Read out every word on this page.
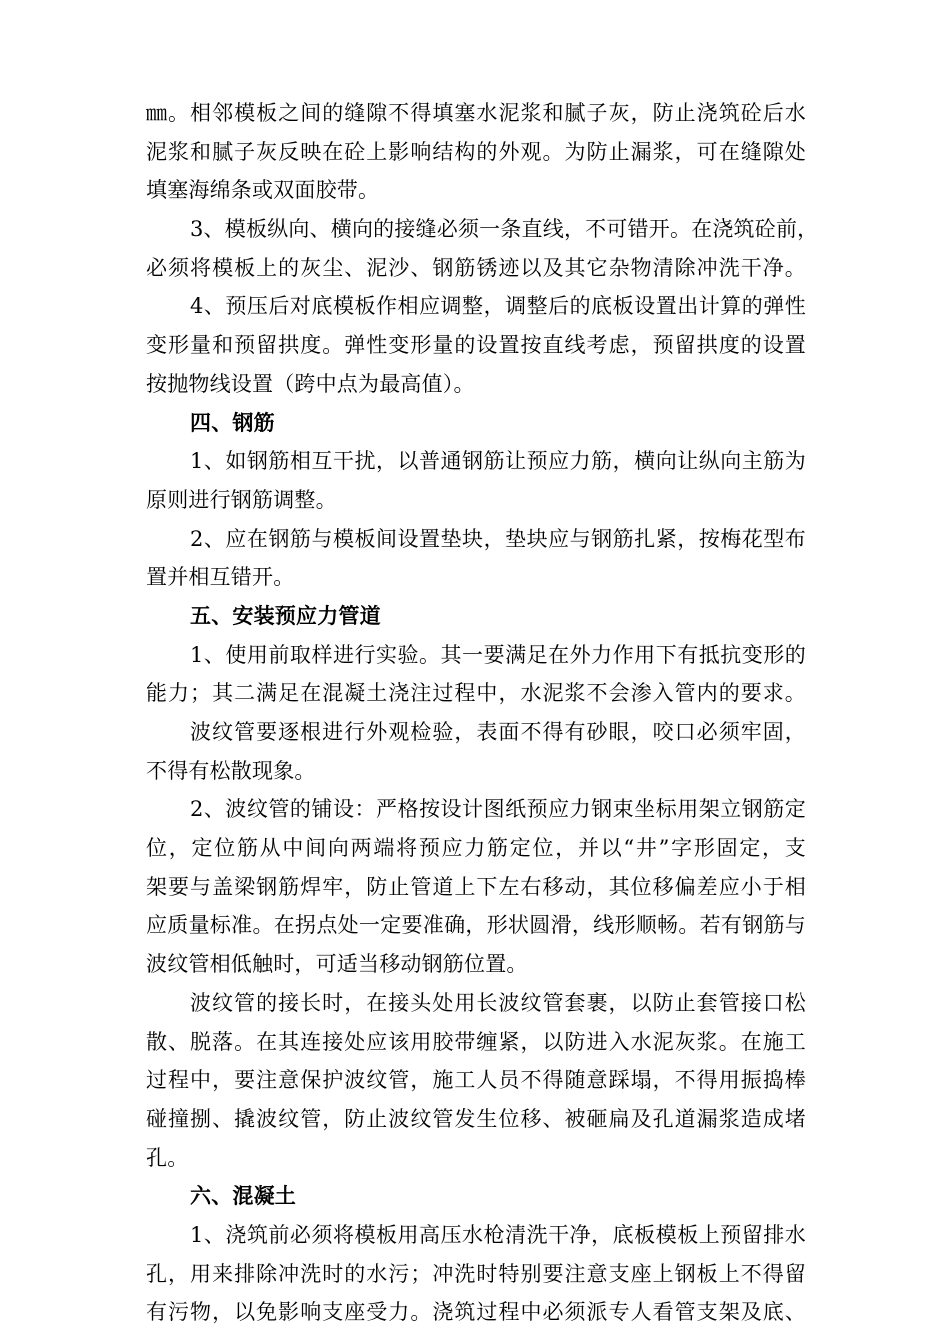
㎜。相邻模板之间的缝隙不得填塞水泥浆和腻子灰，防止浇筑砼后水
泥浆和腻子灰反映在砼上影响结构的外观。为防止漏浆，可在缝隙处
填塞海绵条或双面胶带。
3、模板纵向、横向的接缝必须一条直线，不可错开。在浇筑砼前，
必须将模板上的灰尘、泥沙、钢筋锈迹以及其它杂物清除冲洗干净。
4、预压后对底模板作相应调整，调整后的底板设置出计算的弹性
变形量和预留拱度。弹性变形量的设置按直线考虑，预留拱度的设置
按抛物线设置（跨中点为最高值）。
四、钢筋
1、如钢筋相互干扰，以普通钢筋让预应力筋，横向让纵向主筋为
原则进行钢筋调整。
2、应在钢筋与模板间设置垫块，垫块应与钢筋扎紧，按梅花型布
置并相互错开。
五、安装预应力管道
1、使用前取样进行实验。其一要满足在外力作用下有抵抗变形的
能力；其二满足在混凝土浇注过程中，水泥浆不会渗入管内的要求。
波纹管要逐根进行外观检验，表面不得有砂眼，咬口必须牢固，
不得有松散现象。
2、波纹管的铺设：严格按设计图纸预应力钢束坐标用架立钢筋定
位，定位筋从中间向两端将预应力筋定位，并以“井”字形固定，支
架要与盖梁钢筋焊牢，防止管道上下左右移动，其位移偏差应小于相
应质量标准。在拐点处一定要准确，形状圆滑，线形顺畅。若有钢筋与
波纹管相低触时，可适当移动钢筋位置。
波纹管的接长时，在接头处用长波纹管套裹，以防止套管接口松
散、脱落。在其连接处应该用胶带缠紧，以防进入水泥灰浆。在施工
过程中，要注意保护波纹管，施工人员不得随意踩塌，不得用振捣棒
碰撞捌、撬波纹管，防止波纹管发生位移、被砸扁及孔道漏浆造成堵
孔。
六、混凝土
1、浇筑前必须将模板用高压水枪清洗干净，底板模板上预留排水
孔，用来排除冲洗时的水污；冲洗时特别要注意支座上钢板上不得留
有污物，以免影响支座受力。浇筑过程中必须派专人看管支架及底、
